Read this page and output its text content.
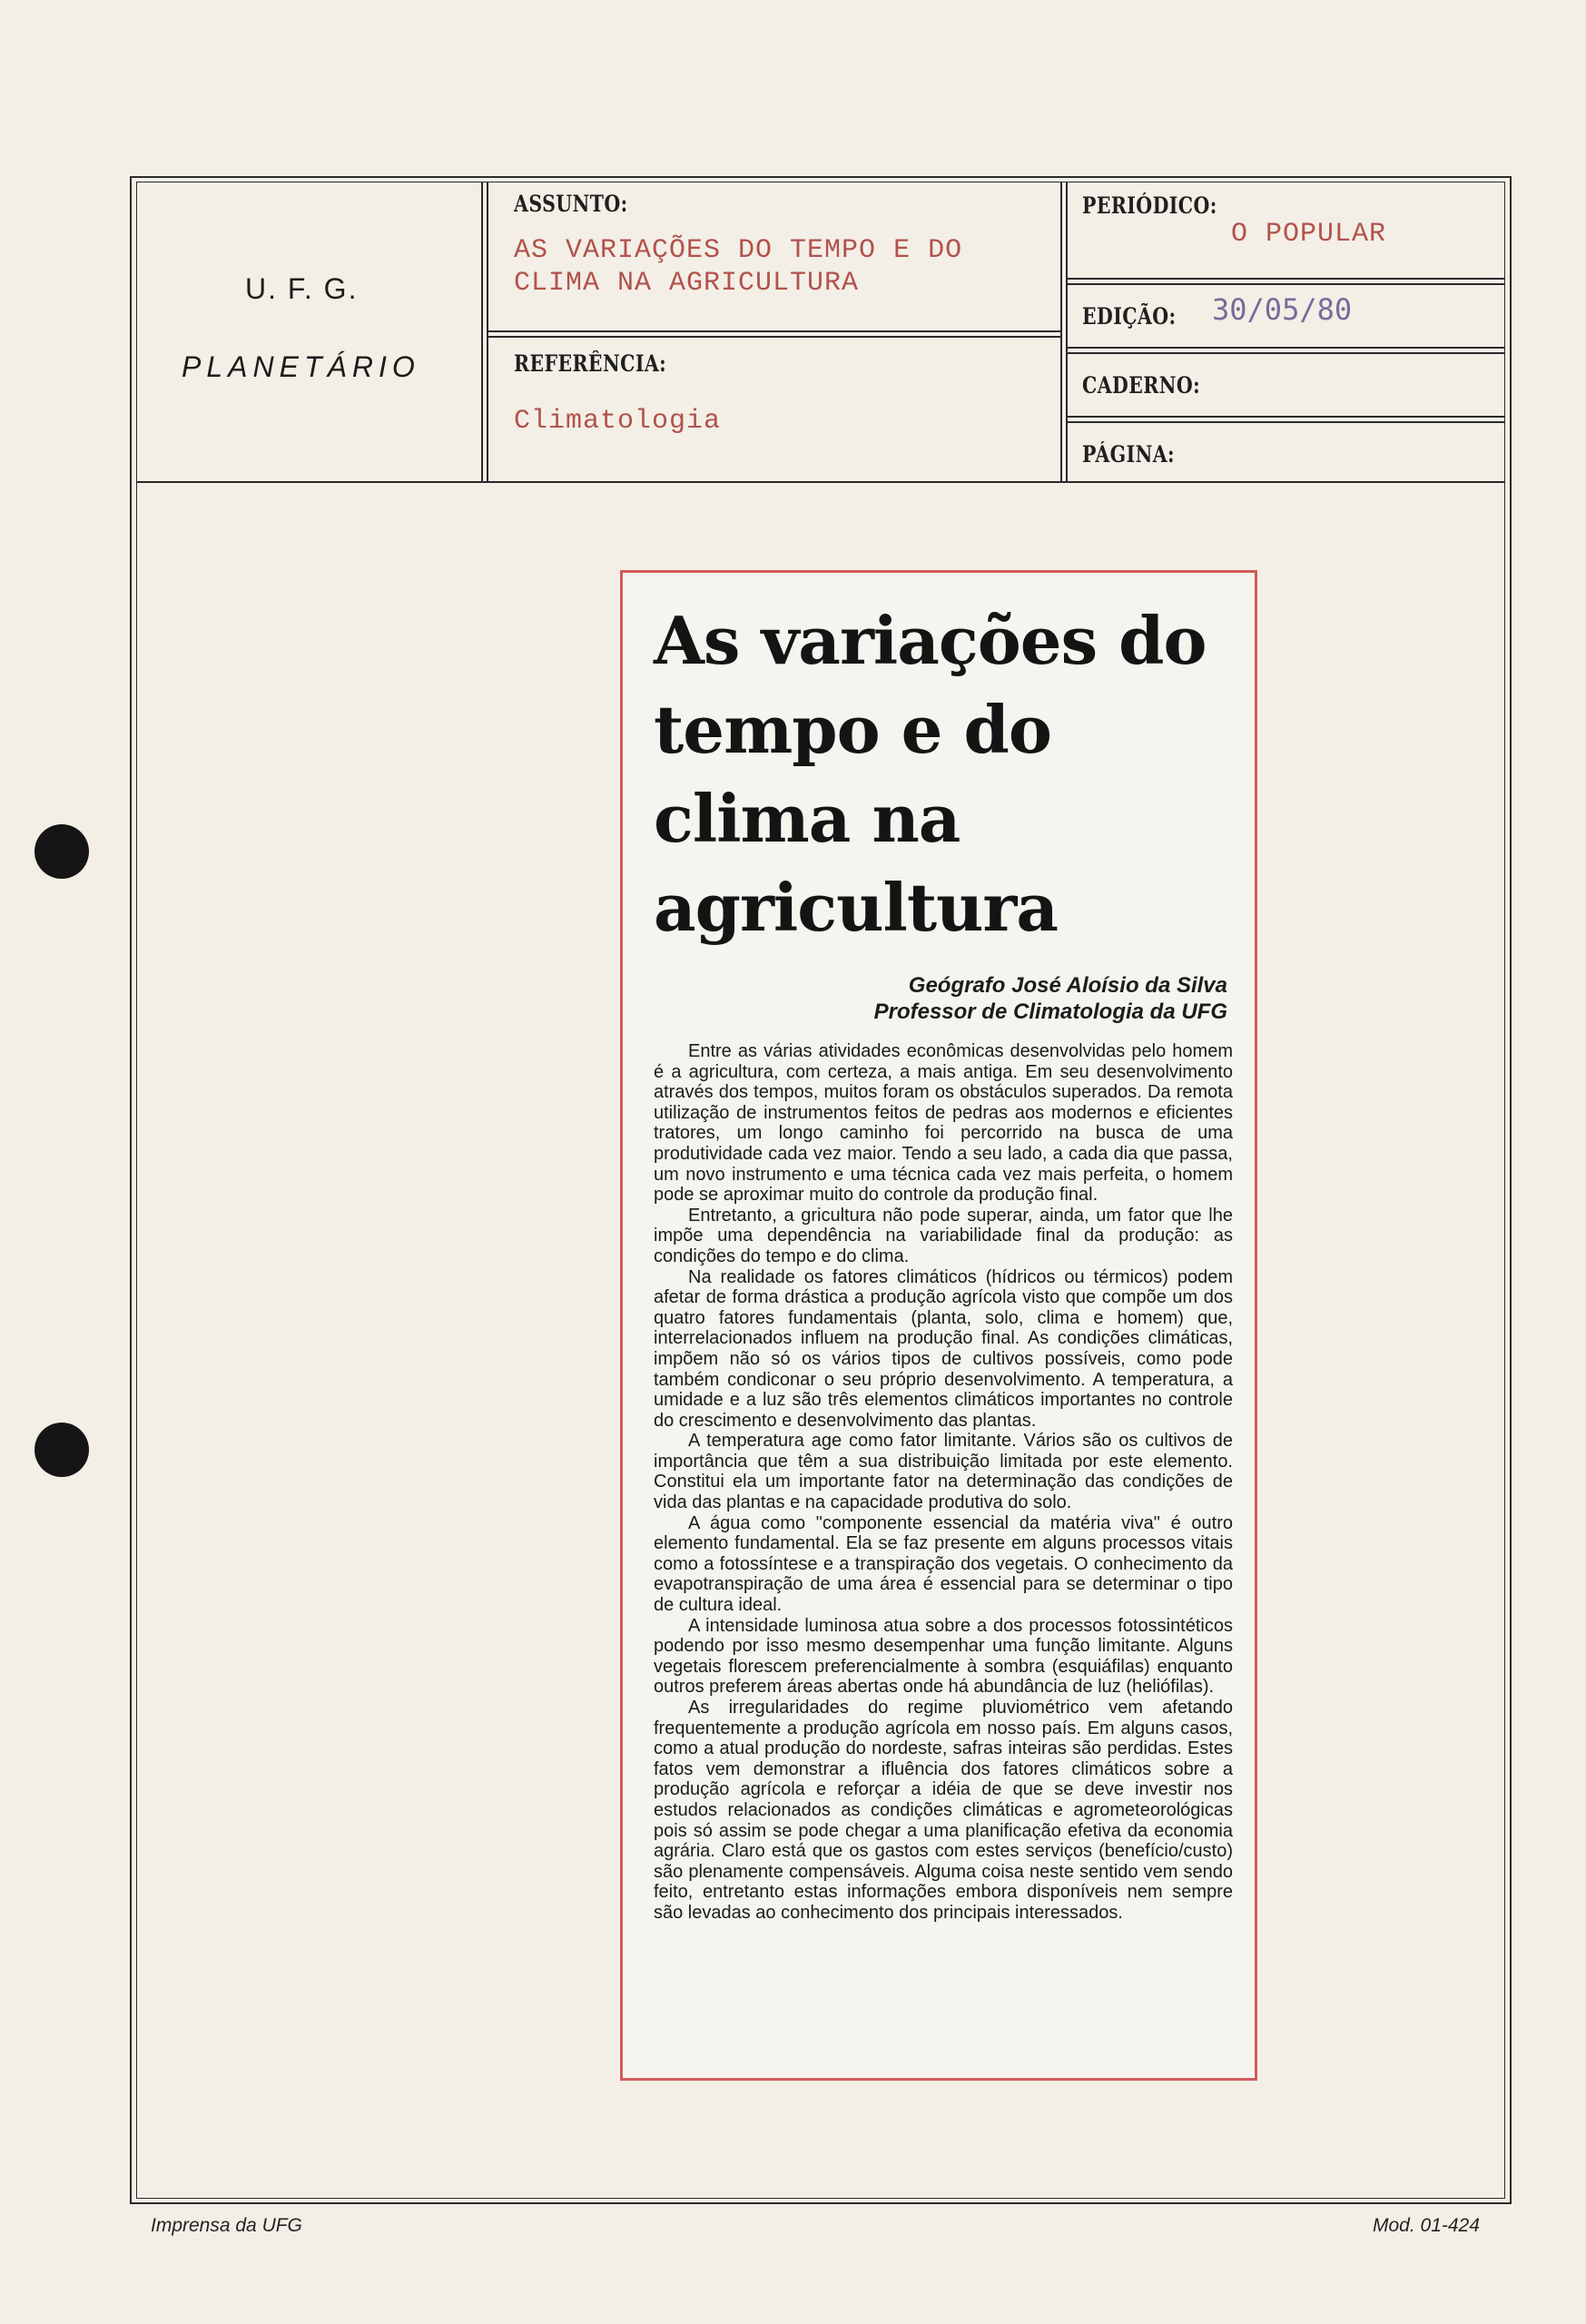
U. F. G.
PLANETÁRIO
ASSUNTO:
AS VARIAÇÕES DO TEMPO E DO
CLIMA NA AGRICULTURA
REFERÊNCIA:
Climatologia
PERIÓDICO:
O POPULAR
EDIÇÃO: 30/05/80
CADERNO:
PÁGINA:
As variações do tempo e do clima na agricultura
Geógrafo José Aloísio da Silva
Professor de Climatologia da UFG

Entre as várias atividades econômicas desenvolvidas pelo homem é a agricultura, com certeza, a mais antiga. Em seu desenvolvimento através dos tempos, muitos foram os obstáculos superados. Da remota utilização de instrumentos feitos de pedras aos modernos e eficientes tratores, um longo caminho foi percorrido na busca de uma produtividade cada vez maior. Tendo a seu lado, a cada dia que passa, um novo instrumento e uma técnica cada vez mais perfeita, o homem pode se aproximar muito do controle da produção final.

Entretanto, a gricultura não pode superar, ainda, um fator que lhe impõe uma dependência na variabilidade final da produção: as condições do tempo e do clima.

Na realidade os fatores climáticos (hídricos ou térmicos) podem afetar de forma drástica a produção agrícola visto que compõe um dos quatro fatores fundamentais (planta, solo, clima e homem) que, interrelacionados influem na produção final. As condições climáticas, impõem não só os vários tipos de cultivos possíveis, como pode também condiconar o seu próprio desenvolvimento. A temperatura, a umidade e a luz são três elementos climáticos importantes no controle do crescimento e desenvolvimento das plantas.

A temperatura age como fator limitante. Vários são os cultivos de importância que têm a sua distribuição limitada por este elemento. Constitui ela um importante fator na determinação das condições de vida das plantas e na capacidade produtiva do solo.

A água como "componente essencial da matéria viva" é outro elemento fundamental. Ela se faz presente em alguns processos vitais como a fotossíntese e a transpiração dos vegetais. O conhecimento da evapotranspiração de uma área é essencial para se determinar o tipo de cultura ideal.

A intensidade luminosa atua sobre a dos processos fotossintéticos podendo por isso mesmo desempenhar uma função limitante. Alguns vegetais florescem preferencialmente à sombra (esquiáfilas) enquanto outros preferem áreas abertas onde há abundância de luz (heliófilas).

As irregularidades do regime pluviométrico vem afetando frequentemente a produção agrícola em nosso país. Em alguns casos, como a atual produção do nordeste, safras inteiras são perdidas. Estes fatos vem demonstrar a ifluência dos fatores climáticos sobre a produção agrícola e reforçar a idéia de que se deve investir nos estudos relacionados as condições climáticas e agrometeorológicas pois só assim se pode chegar a uma planificação efetiva da economia agrária. Claro está que os gastos com estes serviços (benefício/custo) são plenamente compensáveis. Alguma coisa neste sentido vem sendo feito, entretanto estas informações embora disponíveis nem sempre são levadas ao conhecimento dos principais interessados.

Imprensa da UFG	Mod. 01-424
